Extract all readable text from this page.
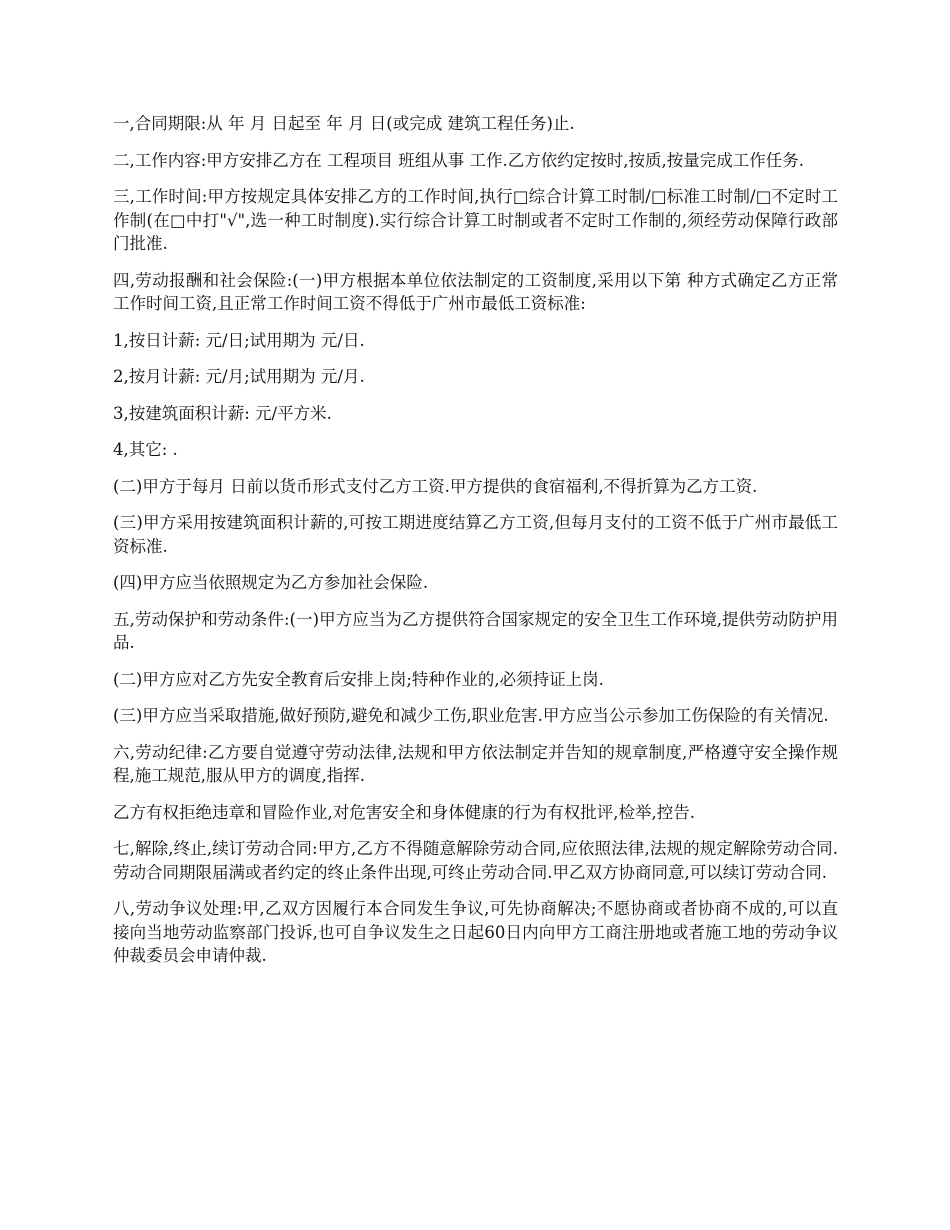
一,合同期限:从 年 月 日起至 年 月 日(或完成 建筑工程任务)止.

二,工作内容:甲方安排乙方在 工程项目 班组从事 工作.乙方依约定按时,按质,按量完成工作任务.

三,工作时间:甲方按规定具体安排乙方的工作时间,执行□综合计算工时制/□标准工时制/□不定时工作制(在□中打"√",选一种工时制度).实行综合计算工时制或者不定时工作制的,须经劳动保障行政部门批准.

四,劳动报酬和社会保险:(一)甲方根据本单位依法制定的工资制度,采用以下第 种方式确定乙方正常工作时间工资,且正常工作时间工资不得低于广州市最低工资标准:

1,按日计薪: 元/日;试用期为 元/日.

2,按月计薪: 元/月;试用期为 元/月.

3,按建筑面积计薪: 元/平方米.

4,其它: .

(二)甲方于每月 日前以货币形式支付乙方工资.甲方提供的食宿福利,不得折算为乙方工资.

(三)甲方采用按建筑面积计薪的,可按工期进度结算乙方工资,但每月支付的工资不低于广州市最低工资标准.

(四)甲方应当依照规定为乙方参加社会保险.

五,劳动保护和劳动条件:(一)甲方应当为乙方提供符合国家规定的安全卫生工作环境,提供劳动防护用品.

(二)甲方应对乙方先安全教育后安排上岗;特种作业的,必须持证上岗.

(三)甲方应当采取措施,做好预防,避免和减少工伤,职业危害.甲方应当公示参加工伤保险的有关情况.

六,劳动纪律:乙方要自觉遵守劳动法律,法规和甲方依法制定并告知的规章制度,严格遵守安全操作规程,施工规范,服从甲方的调度,指挥.

乙方有权拒绝违章和冒险作业,对危害安全和身体健康的行为有权批评,检举,控告.

七,解除,终止,续订劳动合同:甲方,乙方不得随意解除劳动合同,应依照法律,法规的规定解除劳动合同.劳动合同期限届满或者约定的终止条件出现,可终止劳动合同.甲乙双方协商同意,可以续订劳动合同.

八,劳动争议处理:甲,乙双方因履行本合同发生争议,可先协商解决;不愿协商或者协商不成的,可以直接向当地劳动监察部门投诉,也可自争议发生之日起60日内向甲方工商注册地或者施工地的劳动争议仲裁委员会申请仲裁.
